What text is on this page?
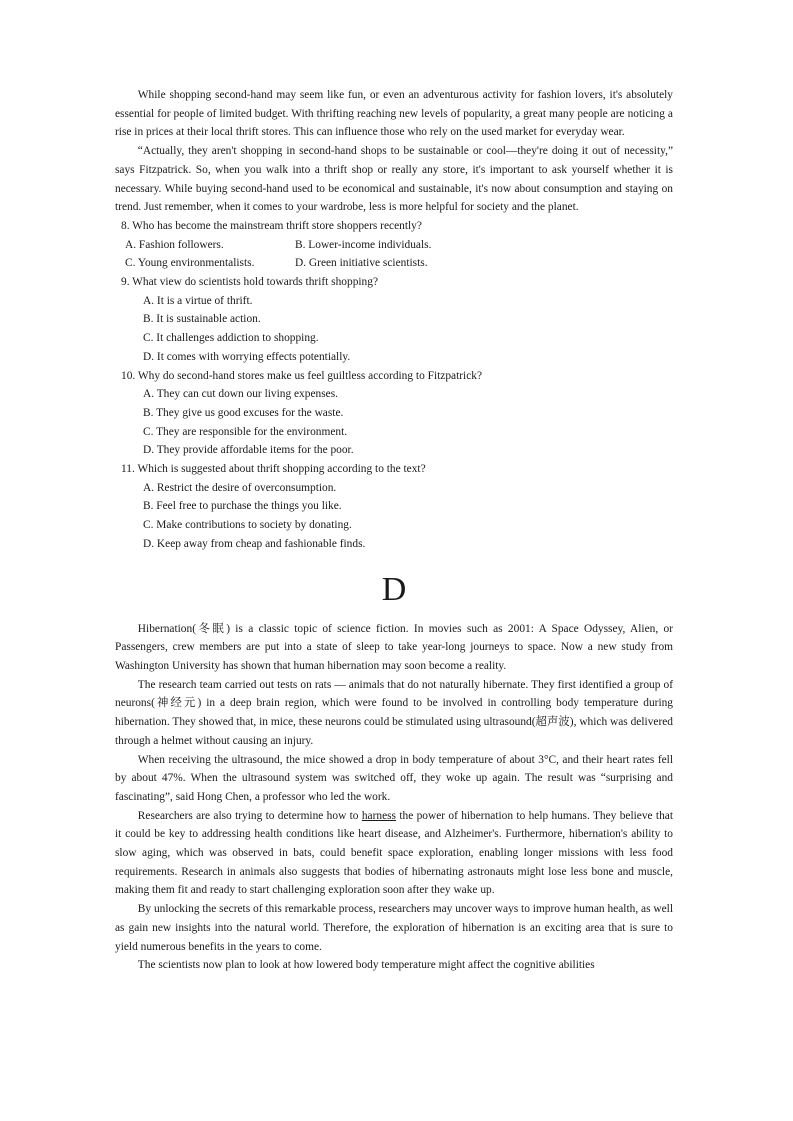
While shopping second-hand may seem like fun, or even an adventurous activity for fashion lovers, it's absolutely essential for people of limited budget. With thrifting reaching new levels of popularity, a great many people are noticing a rise in prices at their local thrift stores. This can influence those who rely on the used market for everyday wear.

“Actually, they aren't shopping in second-hand shops to be sustainable or cool—they're doing it out of necessity,” says Fitzpatrick. So, when you walk into a thrift shop or really any store, it's important to ask yourself whether it is necessary. While buying second-hand used to be economical and sustainable, it's now about consumption and staying on trend. Just remember, when it comes to your wardrobe, less is more helpful for society and the planet.

8. Who has become the mainstream thrift store shoppers recently?

A. Fashion followers.	B. Lower-income individuals.
C. Young environmentalists.	D. Green initiative scientists.

9. What view do scientists hold towards thrift shopping?

A. It is a virtue of thrift.

B. It is sustainable action.

C. It challenges addiction to shopping.

D. It comes with worrying effects potentially.

10. Why do second-hand stores make us feel guiltless according to Fitzpatrick?

A. They can cut down our living expenses.

B. They give us good excuses for the waste.

C. They are responsible for the environment.

D. They provide affordable items for the poor.

11. Which is suggested about thrift shopping according to the text?

A. Restrict the desire of overconsumption.

B. Feel free to purchase the things you like.

C. Make contributions to society by donating.

D. Keep away from cheap and fashionable finds.

D

Hibernation(冬眠) is a classic topic of science fiction. In movies such as 2001: A Space Odyssey, Alien, or Passengers, crew members are put into a state of sleep to take year-long journeys to space. Now a new study from Washington University has shown that human hibernation may soon become a reality.

The research team carried out tests on rats — animals that do not naturally hibernate. They first identified a group of neurons(神经元) in a deep brain region, which were found to be involved in controlling body temperature during hibernation. They showed that, in mice, these neurons could be stimulated using ultrasound(超声波), which was delivered through a helmet without causing an injury.

When receiving the ultrasound, the mice showed a drop in body temperature of about 3°C, and their heart rates fell by about 47%. When the ultrasound system was switched off, they woke up again. The result was “surprising and fascinating”, said Hong Chen, a professor who led the work.

Researchers are also trying to determine how to harness the power of hibernation to help humans. They believe that it could be key to addressing health conditions like heart disease, and Alzheimer's. Furthermore, hibernation's ability to slow aging, which was observed in bats, could benefit space exploration, enabling longer missions with less food requirements. Research in animals also suggests that bodies of hibernating astronauts might lose less bone and muscle, making them fit and ready to start challenging exploration soon after they wake up.

By unlocking the secrets of this remarkable process, researchers may uncover ways to improve human health, as well as gain new insights into the natural world. Therefore, the exploration of hibernation is an exciting area that is sure to yield numerous benefits in the years to come.

The scientists now plan to look at how lowered body temperature might affect the cognitive abilities
